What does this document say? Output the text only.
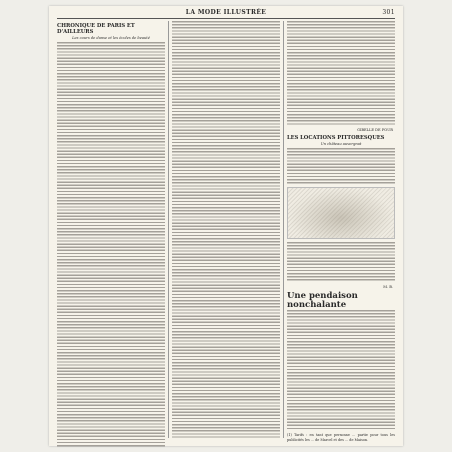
LA MODE ILLUSTRÉE	301
CHRONIQUE DE PARIS ET D'AILLEURS
Les cours de danse et les écoles de beauté
GIBELLE DE FOUR
LES LOCATIONS PITTORESQUES
Un château auvergnat
M. B.
Une pendaison nonchalante
(1) Tarifs : en tant que personne ... partie pour tous les publicités les ... de Marcel et des ... de Maison.
